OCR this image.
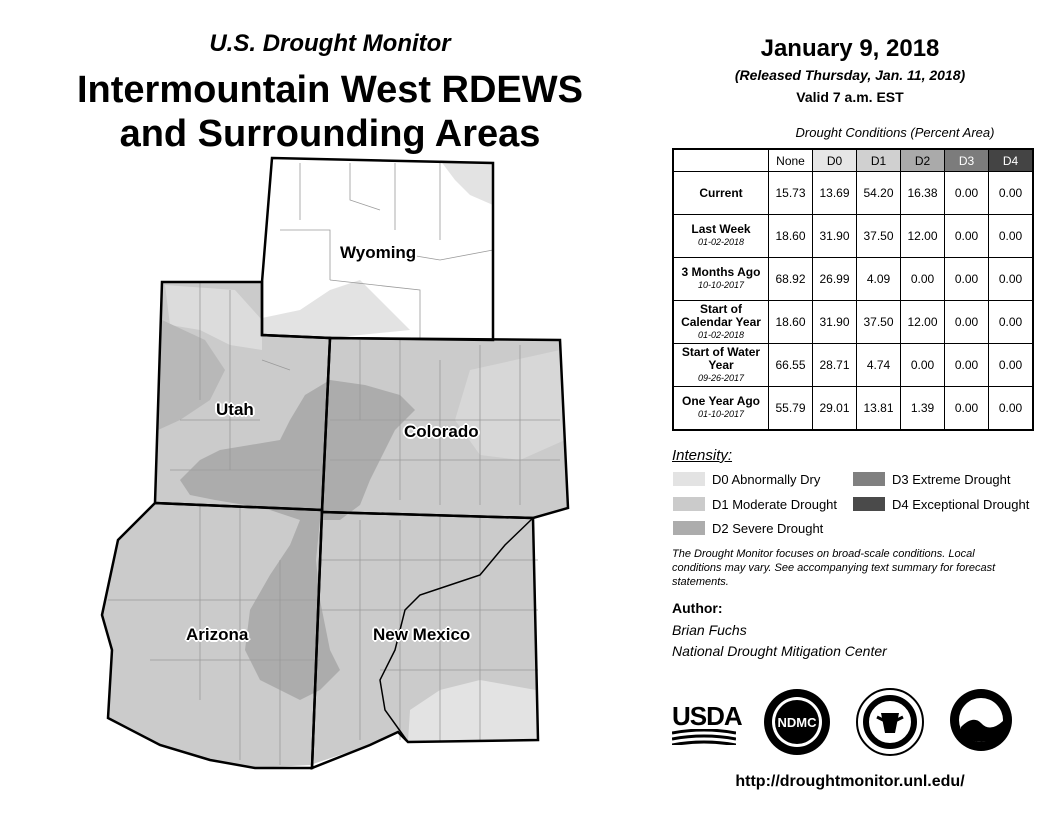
U.S. Drought Monitor
Intermountain West RDEWS
and Surrounding Areas
January 9, 2018
(Released Thursday, Jan. 11, 2018)
Valid 7 a.m. EST
Wyoming
Utah
Colorado
Arizona	New Mexico
Drought Conditions (Percent Area)
	None	D0	D1	D2	D3	D4
Current	15.73	13.69	54.20	16.38	0.00	0.00
Last Week
01-02-2018	18.60	31.90	37.50	12.00	0.00	0.00
3 Months Ago
10-10-2017	68.92	26.99	4.09	0.00	0.00	0.00
Start of Calendar Year
01-02-2018	18.60	31.90	37.50	12.00	0.00	0.00
Start of Water Year
09-26-2017	66.55	28.71	4.74	0.00	0.00	0.00
One Year Ago
01-10-2017	55.79	29.01	13.81	1.39	0.00	0.00
Intensity:
D0 Abnormally Dry
D1 Moderate Drought
D2 Severe Drought
D3 Extreme Drought
D4 Exceptional Drought
The Drought Monitor focuses on broad-scale conditions. Local conditions may vary. See accompanying text summary for forecast statements.
Author:
Brian Fuchs
National Drought Mitigation Center
USDA	NDMC
NOAA
http://droughtmonitor.unl.edu/
